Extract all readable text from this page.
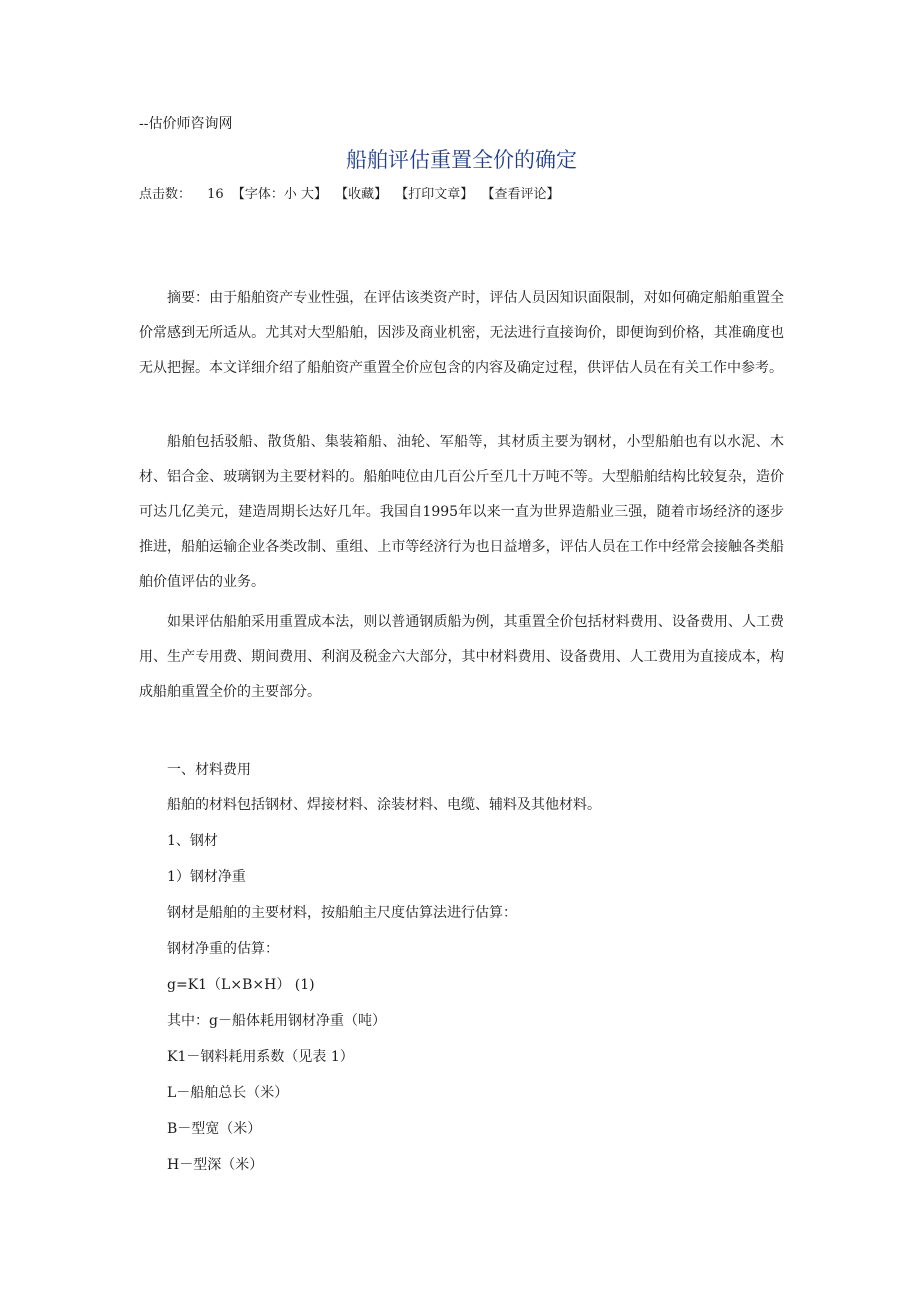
--估价师咨询网
船舶评估重置全价的确定
点击数： 16 【字体：小 大】 【收藏】 【打印文章】 【查看评论】

摘要：由于船舶资产专业性强，在评估该类资产时，评估人员因知识面限制，对如何确定船舶重置全价常感到无所适从。尤其对大型船舶，因涉及商业机密，无法进行直接询价，即便询到价格，其准确度也无从把握。本文详细介绍了船舶资产重置全价应包含的内容及确定过程，供评估人员在有关工作中参考。

船舶包括驳船、散货船、集装箱船、油轮、军船等，其材质主要为钢材，小型船舶也有以水泥、木材、铝合金、玻璃钢为主要材料的。船舶吨位由几百公斤至几十万吨不等。大型船舶结构比较复杂，造价可达几亿美元，建造周期长达好几年。我国自1995年以来一直为世界造船业三强，随着市场经济的逐步推进，船舶运输企业各类改制、重组、上市等经济行为也日益增多，评估人员在工作中经常会接触各类船舶价值评估的业务。

如果评估船舶采用重置成本法，则以普通钢质船为例，其重置全价包括材料费用、设备费用、人工费用、生产专用费、期间费用、利润及税金六大部分，其中材料费用、设备费用、人工费用为直接成本，构成船舶重置全价的主要部分。

一、材料费用
船舶的材料包括钢材、焊接材料、涂装材料、电缆、辅料及其他材料。
1、钢材
1）钢材净重
钢材是船舶的主要材料，按船舶主尺度估算法进行估算：
钢材净重的估算：
g=K1（L×B×H） (1)
其中：g－船体耗用钢材净重（吨）
K1－钢料耗用系数（见表 1）
L－船舶总长（米）
B－型宽（米）
H－型深（米）
